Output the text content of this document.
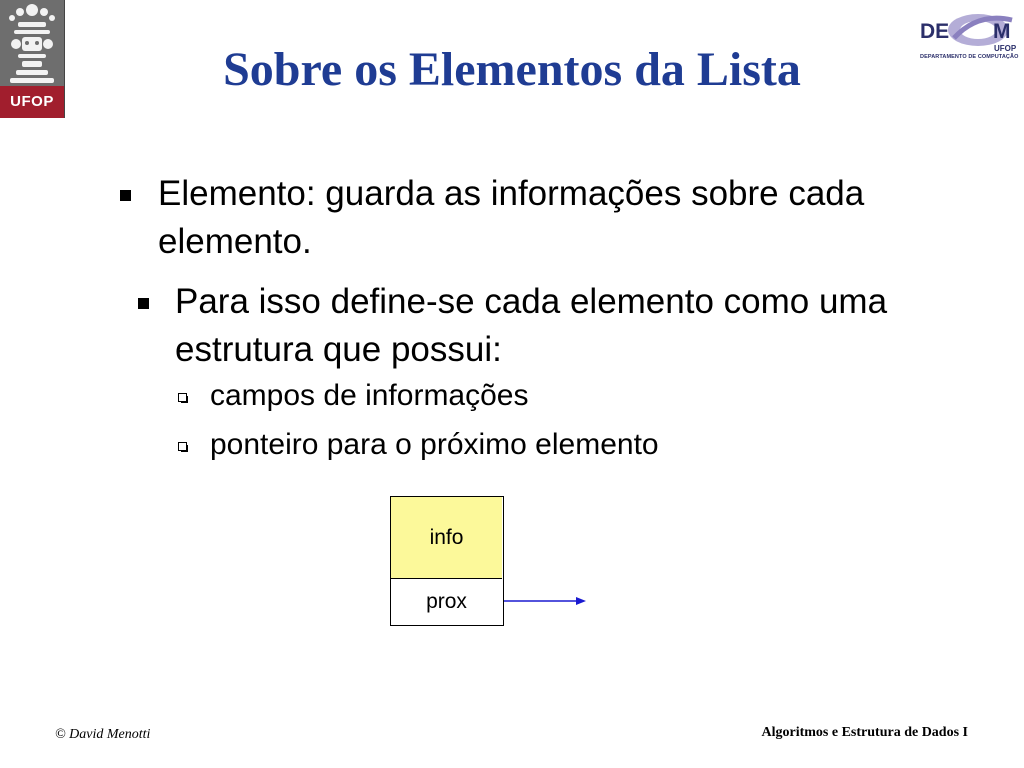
UFOP
DE M
UFOP
DEPARTAMENTO DE COMPUTAÇÃO
Sobre os Elementos da Lista
Elemento: guarda as informações sobre cada elemento.
Para isso define-se cada elemento como uma estrutura que possui:
campos de informações
ponteiro para o próximo elemento
info
prox
© David Menotti	Algoritmos e Estrutura de Dados I
